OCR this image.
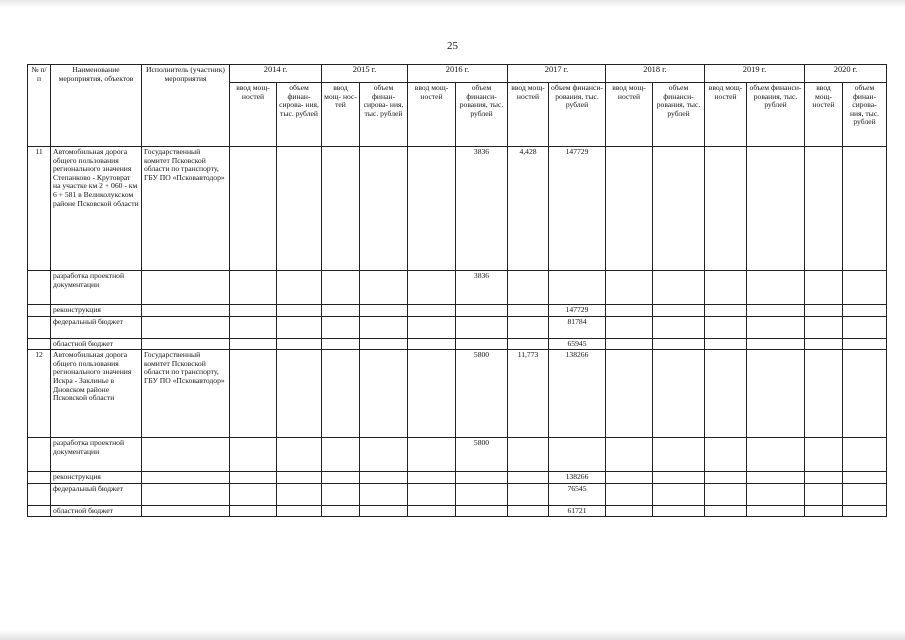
25
№ п/п	Наименование мероприятия, объектов	Исполнитель (участник) мероприятия	2014 г.		2015 г.		2016 г.		2017 г.		2018 г.		2019 г.		2020 г.	
			ввод мощ- ностей	объем финан- сирова- ния, тыс. рублей	ввод мощ- нос- тей	объем финан- сирова- ния, тыс. рублей	ввод мощ- ностей	объем финанси- рования, тыс. рублей	ввод мощ- ностей	объем финанси- рования, тыс. рублей	ввод мощ- ностей	объем финанси- рования, тыс. рублей	ввод мощ- ностей	объем финанси- рования, тыс. рублей	ввод мощ- ностей	объем финан- сирова- ния, тыс. рублей
11	Автомобильная дорога общего пользования регионального значения Степанково - Крутоврат на участке км 2 + 060 - км 6 + 581 в Великолукском районе Псковской области	Государственный комитет Псковской области по транспорту, ГБУ ПО «Псковавтодор»						3836	4,428	147729						
	разработка проектной документации							3836								
	реконструкция									147729						
	федеральный бюджет									81784						
	областной бюджет									65945						
12	Автомобильная дорога общего пользования регионального значения Искра - Заклинье в Дновском районе Псковской области	Государственный комитет Псковской области по транспорту, ГБУ ПО «Псковавтодор»						5800	11,773	138266						
	разработка проектной документации							5800								
	реконструкция									138266						
	федеральный бюджет									76545						
	областной бюджет									61721						
